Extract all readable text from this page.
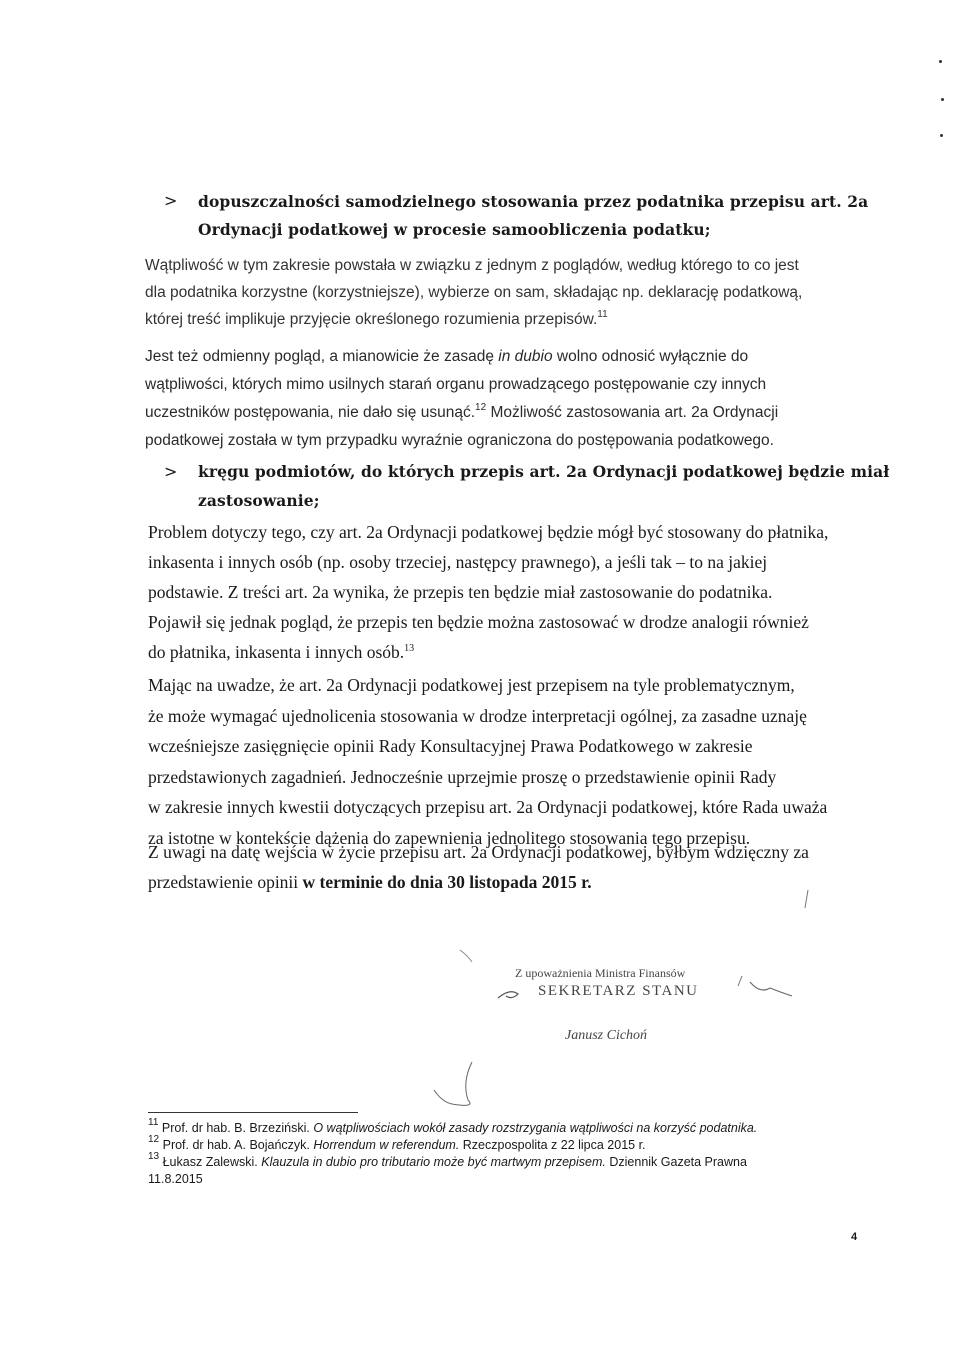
> dopuszczalności samodzielnego stosowania przez podatnika przepisu art. 2a
Ordynacji podatkowej w procesie samoobliczenia podatku;
Wątpliwość w tym zakresie powstała w związku z jednym z poglądów, według którego to co jest
dla podatnika korzystne (korzystniejsze), wybierze on sam, składając np. deklarację podatkową,
której treść implikuje przyjęcie określonego rozumienia przepisów.$^{11}$
Jest też odmienny pogląd, a mianowicie że zasadę in dubio wolno odnosić wyłącznie do
wątpliwości, których mimo usilnych starań organu prowadzącego postępowanie czy innych
uczestników postępowania, nie dało się usunąć.$^{12}$ Możliwość zastosowania art. 2a Ordynacji
podatkowej została w tym przypadku wyraźnie ograniczona do postępowania podatkowego.
> kręgu podmiotów, do których przepis art. 2a Ordynacji podatkowej będzie miał
zastosowanie;
Problem dotyczy tego, czy art. 2a Ordynacji podatkowej będzie mógł być stosowany do płatnika,
inkasenta i innych osób (np. osoby trzeciej, następcy prawnego), a jeśli tak – to na jakiej
podstawie. Z treści art. 2a wynika, że przepis ten będzie miał zastosowanie do podatnika.
Pojawił się jednak pogląd, że przepis ten będzie można zastosować w drodze analogii również
do płatnika, inkasenta i innych osób.$^{13}$
Mając na uwadze, że art. 2a Ordynacji podatkowej jest przepisem na tyle problematycznym,
że może wymagać ujednolicenia stosowania w drodze interpretacji ogólnej, za zasadne uznaję
wcześniejsze zasięgnięcie opinii Rady Konsultacyjnej Prawa Podatkowego w zakresie
przedstawionych zagadnień. Jednocześnie uprzejmie proszę o przedstawienie opinii Rady
w zakresie innych kwestii dotyczących przepisu art. 2a Ordynacji podatkowej, które Rada uważa
za istotne w kontekście dążenia do zapewnienia jednolitego stosowania tego przepisu.
Z uwagi na datę wejścia w życie przepisu art. 2a Ordynacji podatkowej, byłbym wdzięczny za
przedstawienie opinii w terminie do dnia 30 listopada 2015 r.
Z upoważnienia Ministra Finansów
SEKRETARZ STANU
Janusz Cichoń
$^{11}$ Prof. dr hab. B. Brzeziński. O wątpliwościach wokół zasady rozstrzygania wątpliwości na korzyść podatnika.
$^{12}$ Prof. dr hab. A. Bojańczyk. Horrendum w referendum. Rzeczpospolita z 22 lipca 2015 r.
$^{13}$ Łukasz Zalewski. Klauzula in dubio pro tributario może być martwym przepisem. Dziennik Gazeta Prawna
11.8.2015
4
